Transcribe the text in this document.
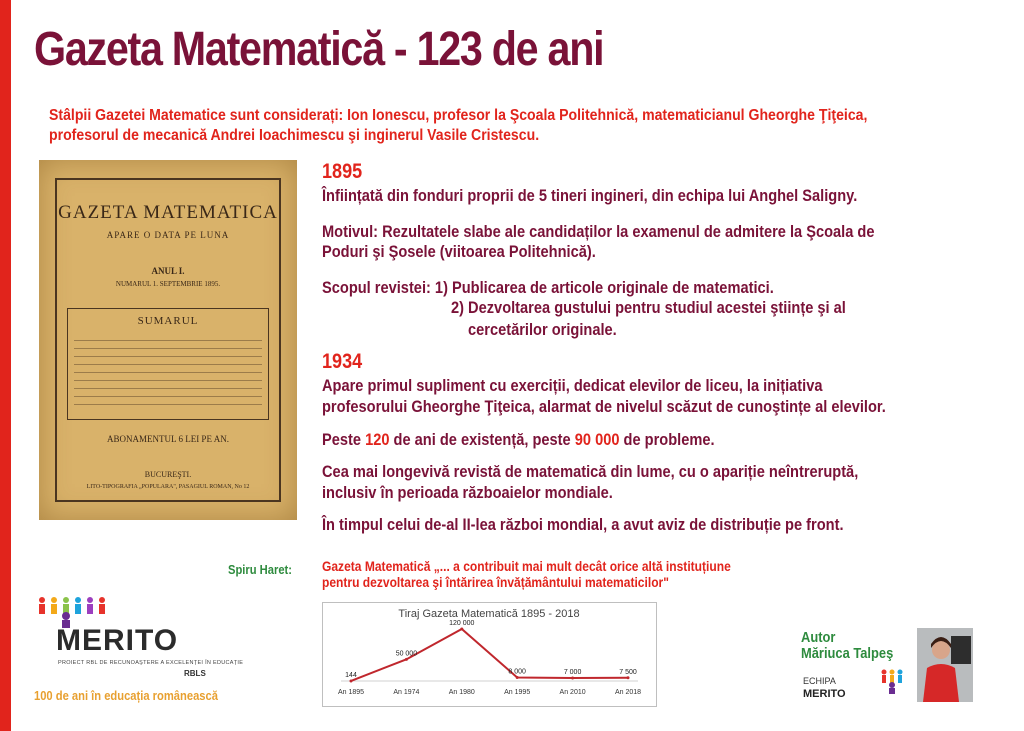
Gazeta Matematică - 123 de ani
Stâlpii Gazetei Matematice sunt considerați: Ion Ionescu, profesor la Şcoala Politehnică, matematicianul Gheorghe Ţiţeica, profesorul de mecanică Andrei Ioachimescu şi inginerul Vasile Cristescu.
GAZETA MATEMATICA
APARE O DATA PE LUNA
ANUL I.
NUMARUL 1. SEPTEMBRIE 1895.
SUMARUL
ABONAMENTUL 6 LEI PE AN.
BUCUREŞTI.
LITO-TIPOGRAFIA „POPULARA", PASAGIUL ROMAN, No 12
1895
Înființată din fonduri proprii de 5 tineri ingineri, din echipa lui Anghel Saligny.
Motivul: Rezultatele slabe ale candidaților la examenul de admitere la Şcoala de
Poduri şi Şosele (viitoarea Politehnică).
Scopul revistei: 1) Publicarea de articole originale de matematici.
2) Dezvoltarea gustului pentru studiul acestei ştiințe şi al
cercetărilor originale.
1934
Apare primul supliment cu exerciții, dedicat elevilor de liceu, la inițiativa
profesorului Gheorghe Ţiţeica, alarmat de nivelul scăzut de cunoştințe al elevilor.
Peste 120 de ani de existență, peste 90 000 de probleme.
Cea mai longevivă revistă de matematică din lume, cu o apariție neîntreruptă,
inclusiv în perioada războaielor mondiale.
În timpul celui de-al II-lea război mondial, a avut aviz de distribuție pe front.
Spiru Haret: Gazeta Matematică „... a contribuit mai mult decât orice altă instituțiune
pentru dezvoltarea şi întărirea învățământului matematicilor"
Tiraj Gazeta Matematică 1895 - 2018
144
An 1895
50 000
An 1974
120 000
An 1980
8 000
An 1995
7 000
An 2010
7 500
An 2018
MERITO
PROIECT RBL DE RECUNOAŞTERE A EXCELENȚEI ÎN EDUCAȚIE
RBLS
100 de ani în educația românească
Autor
Măriuca Talpeş
ECHIPA
MERITO
